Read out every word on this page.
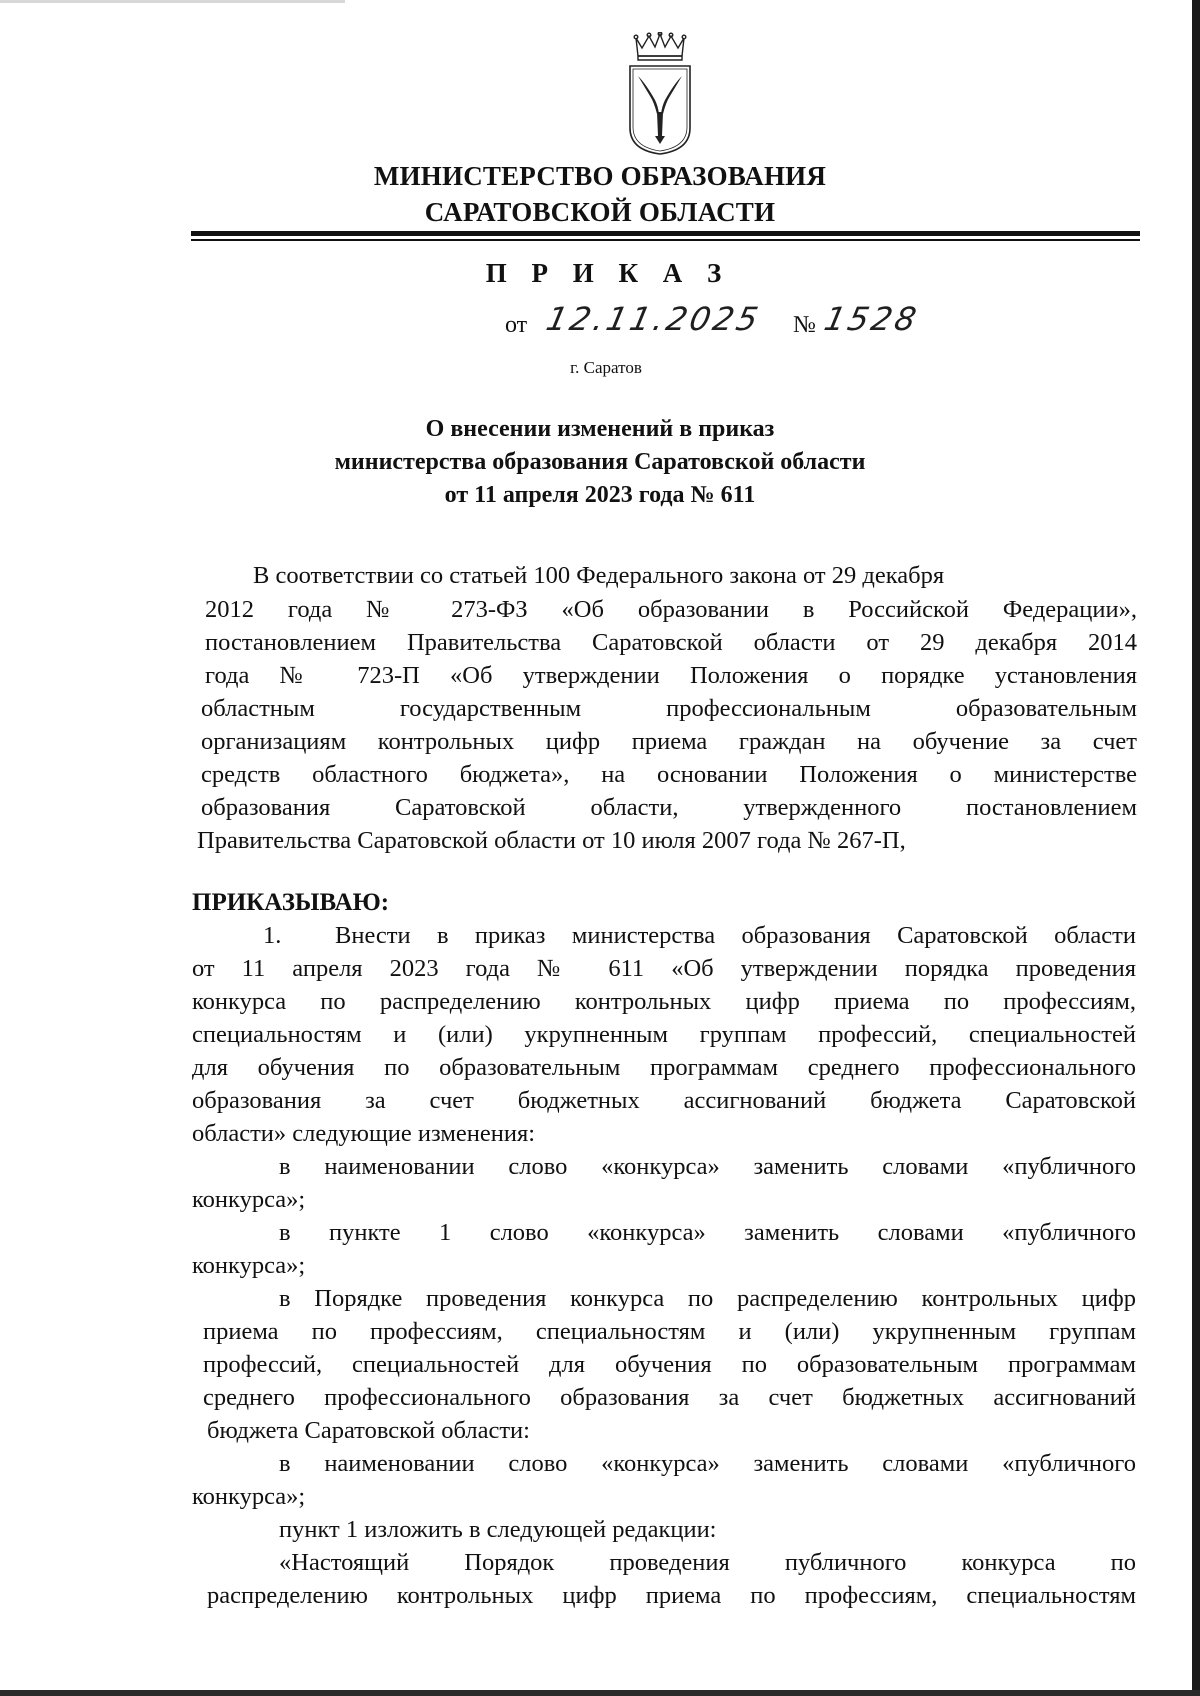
МИНИСТЕРСТВО ОБРАЗОВАНИЯ
САРАТОВСКОЙ ОБЛАСТИ
П Р И К А З
от 12.11.2025 № 1528
г. Саратов
О внесении изменений в приказ
министерства образования Саратовской области
от 11 апреля 2023 года № 611
В соответствии со статьей 100 Федерального закона от 29 декабря
2012 года № 273-ФЗ «Об образовании в Российской Федерации»,
постановлением Правительства Саратовской области от 29 декабря 2014
года № 723-П «Об утверждении Положения о порядке установления
областным государственным профессиональным образовательным
организациям контрольных цифр приема граждан на обучение за счет
средств областного бюджета», на основании Положения о министерстве
образования Саратовской области, утвержденного постановлением
Правительства Саратовской области от 10 июля 2007 года № 267-П,
ПРИКАЗЫВАЮ:
1. Внести в приказ министерства образования Саратовской области
от 11 апреля 2023 года № 611 «Об утверждении порядка проведения
конкурса по распределению контрольных цифр приема по профессиям,
специальностям и (или) укрупненным группам профессий, специальностей
для обучения по образовательным программам среднего профессионального
образования за счет бюджетных ассигнований бюджета Саратовской
области» следующие изменения:
в наименовании слово «конкурса» заменить словами «публичного
конкурса»;
в пункте 1 слово «конкурса» заменить словами «публичного
конкурса»;
в Порядке проведения конкурса по распределению контрольных цифр
приема по профессиям, специальностям и (или) укрупненным группам
профессий, специальностей для обучения по образовательным программам
среднего профессионального образования за счет бюджетных ассигнований
бюджета Саратовской области:
в наименовании слово «конкурса» заменить словами «публичного
конкурса»;
пункт 1 изложить в следующей редакции:
«Настоящий Порядок проведения публичного конкурса по
распределению контрольных цифр приема по профессиям, специальностям
